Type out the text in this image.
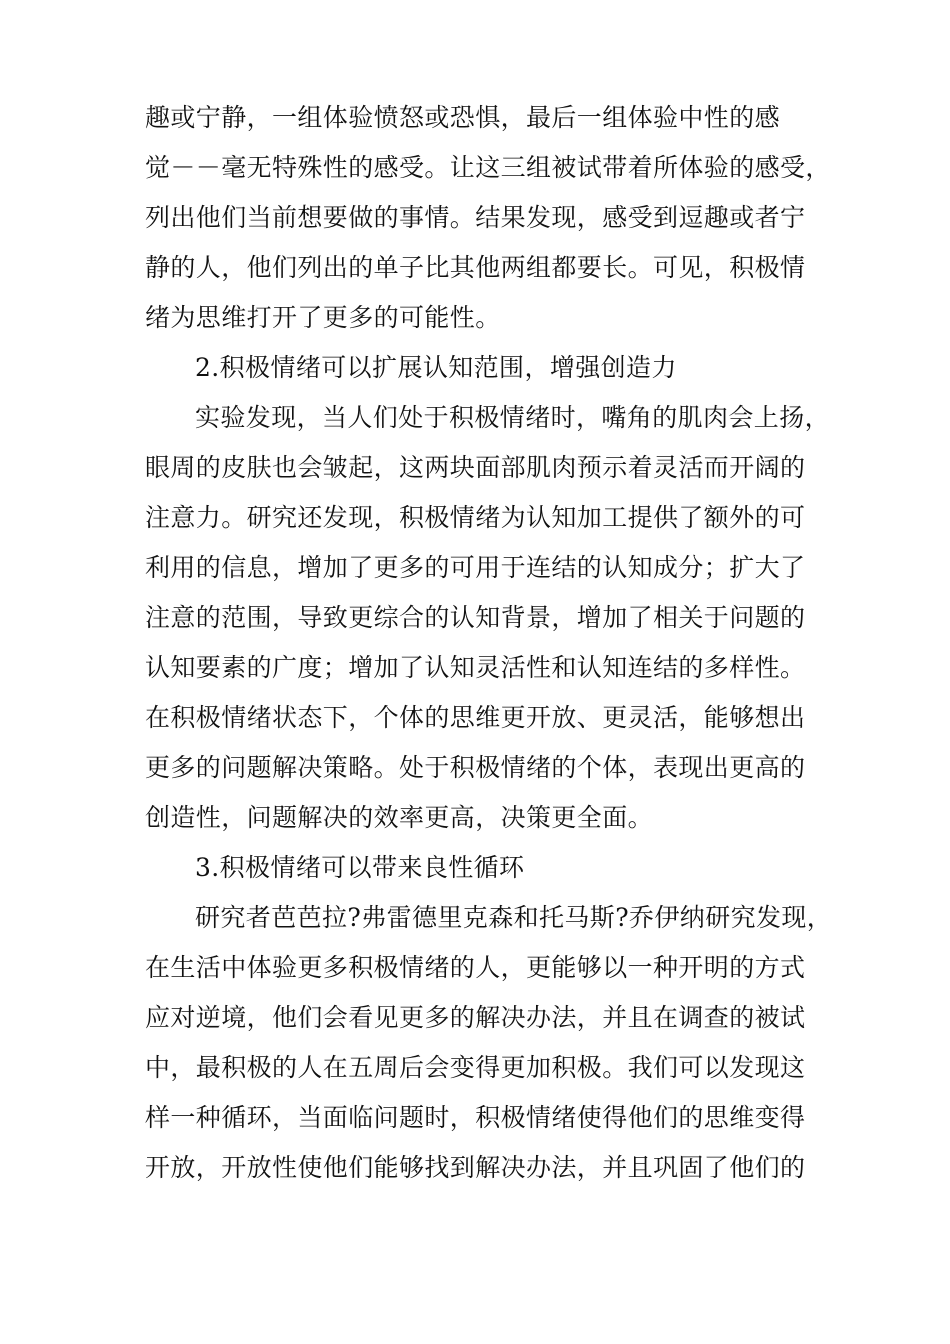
趣或宁静，一组体验愤怒或恐惧，最后一组体验中性的感
觉－－毫无特殊性的感受。让这三组被试带着所体验的感受，
列出他们当前想要做的事情。结果发现，感受到逗趣或者宁
静的人，他们列出的单子比其他两组都要长。可见，积极情
绪为思维打开了更多的可能性。
2.积极情绪可以扩展认知范围，增强创造力
实验发现，当人们处于积极情绪时，嘴角的肌肉会上扬，
眼周的皮肤也会皱起，这两块面部肌肉预示着灵活而开阔的
注意力。研究还发现，积极情绪为认知加工提供了额外的可
利用的信息，增加了更多的可用于连结的认知成分；扩大了
注意的范围，导致更综合的认知背景，增加了相关于问题的
认知要素的广度；增加了认知灵活性和认知连结的多样性。
在积极情绪状态下，个体的思维更开放、更灵活，能够想出
更多的问题解决策略。处于积极情绪的个体，表现出更高的
创造性，问题解决的效率更高，决策更全面。
3.积极情绪可以带来良性循环
研究者芭芭拉?弗雷德里克森和托马斯?乔伊纳研究发现，
在生活中体验更多积极情绪的人，更能够以一种开明的方式
应对逆境，他们会看见更多的解决办法，并且在调查的被试
中，最积极的人在五周后会变得更加积极。我们可以发现这
样一种循环，当面临问题时，积极情绪使得他们的思维变得
开放，开放性使他们能够找到解决办法，并且巩固了他们的
